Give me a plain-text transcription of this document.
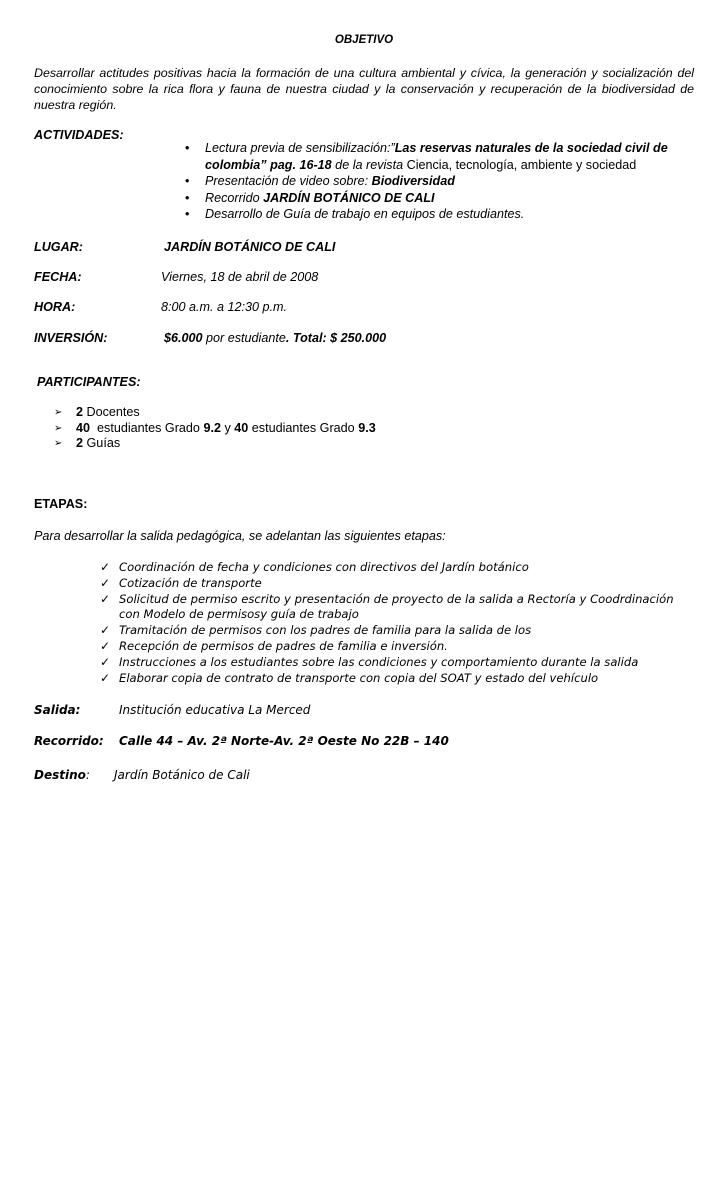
OBJETIVO
Desarrollar actitudes positivas hacia la formación de una cultura ambiental y cívica, la generación y socialización del conocimiento sobre la rica flora y fauna de nuestra ciudad y la conservación y recuperación de la biodiversidad de nuestra región.
ACTIVIDADES:
• Lectura previa de sensibilización:”Las reservas naturales de la sociedad civil de colombia” pag. 16-18 de la revista Ciencia, tecnología, ambiente y sociedad
• Presentación de video sobre: Biodiversidad
• Recorrido JARDÍN BOTÁNICO DE CALI
• Desarrollo de Guía de trabajo en equipos de estudiantes.
LUGAR:	JARDÍN BOTÁNICO DE CALI
FECHA:	Viernes, 18 de abril de 2008
HORA:	8:00 a.m. a 12:30 p.m.
INVERSIÓN:	$6.000 por estudiante. Total: $ 250.000
PARTICIPANTES:
➢ 2 Docentes
➢ 40  estudiantes Grado 9.2 y 40 estudiantes Grado 9.3
➢ 2 Guías
ETAPAS:
Para desarrollar la salida pedagógica, se adelantan las siguientes etapas:
✓ Coordinación de fecha y condiciones con directivos del Jardín botánico
✓ Cotización de transporte
✓ Solicitud de permiso escrito y presentación de proyecto de la salida a Rectoría y Coodrdinación con Modelo de permisosy guía de trabajo
✓ Tramitación de permisos con los padres de familia para la salida de los
✓ Recepción de permisos de padres de familia e inversión.
✓ Instrucciones a los estudiantes sobre las condiciones y comportamiento durante la salida
✓ Elaborar copia de contrato de transporte con copia del SOAT y estado del vehículo
Salida:	Institución educativa La Merced
Recorrido: Calle 44 – Av. 2ª Norte-Av. 2ª Oeste No 22B – 140
Destino: Jardín Botánico de Cali
